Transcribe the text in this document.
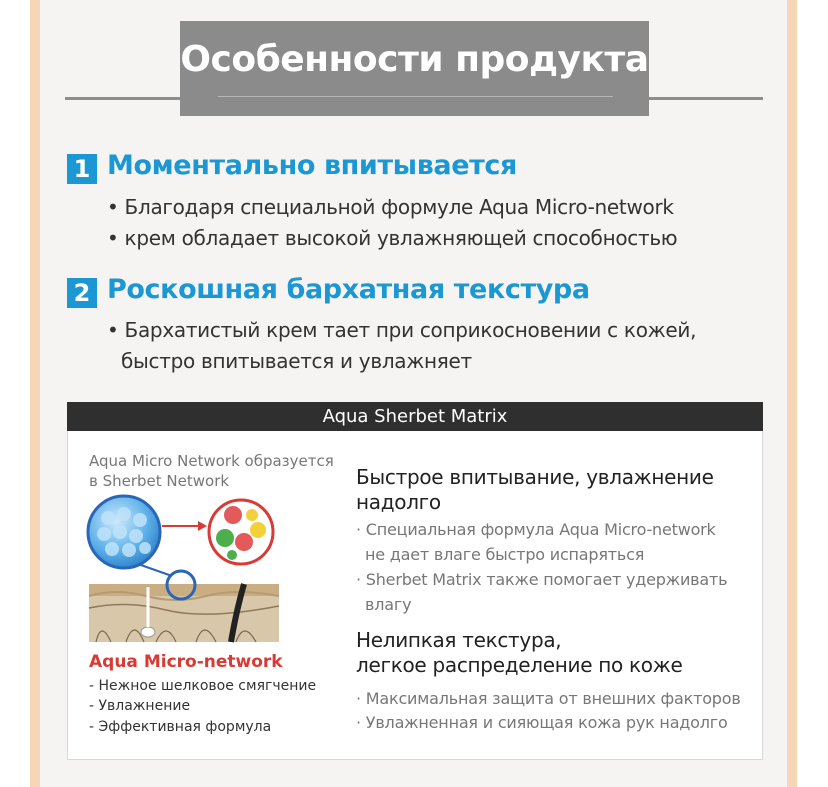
Особенности продукта
1 Моментально впитывается
• Благодаря специальной формуле Aqua Micro-network
• крем обладает высокой увлажняющей способностью
2 Роскошная бархатная текстура
• Бархатистый крем тает при соприкосновении с кожей,
быстро впитывается и увлажняет
Aqua Sherbet Matrix
Aqua Micro Network образуется
в Sherbet Network
Aqua Micro-network
- Нежное шелковое смягчение
- Увлажнение
- Эффективная формула
Быстрое впитывание, увлажнение
надолго
· Специальная формула Aqua Micro-network
не дает влаге быстро испаряться
· Sherbet Matrix также помогает удерживать
влагу
Нелипкая текстура,
легкое распределение по коже
· Максимальная защита от внешних факторов
· Увлажненная и сияющая кожа рук надолго
